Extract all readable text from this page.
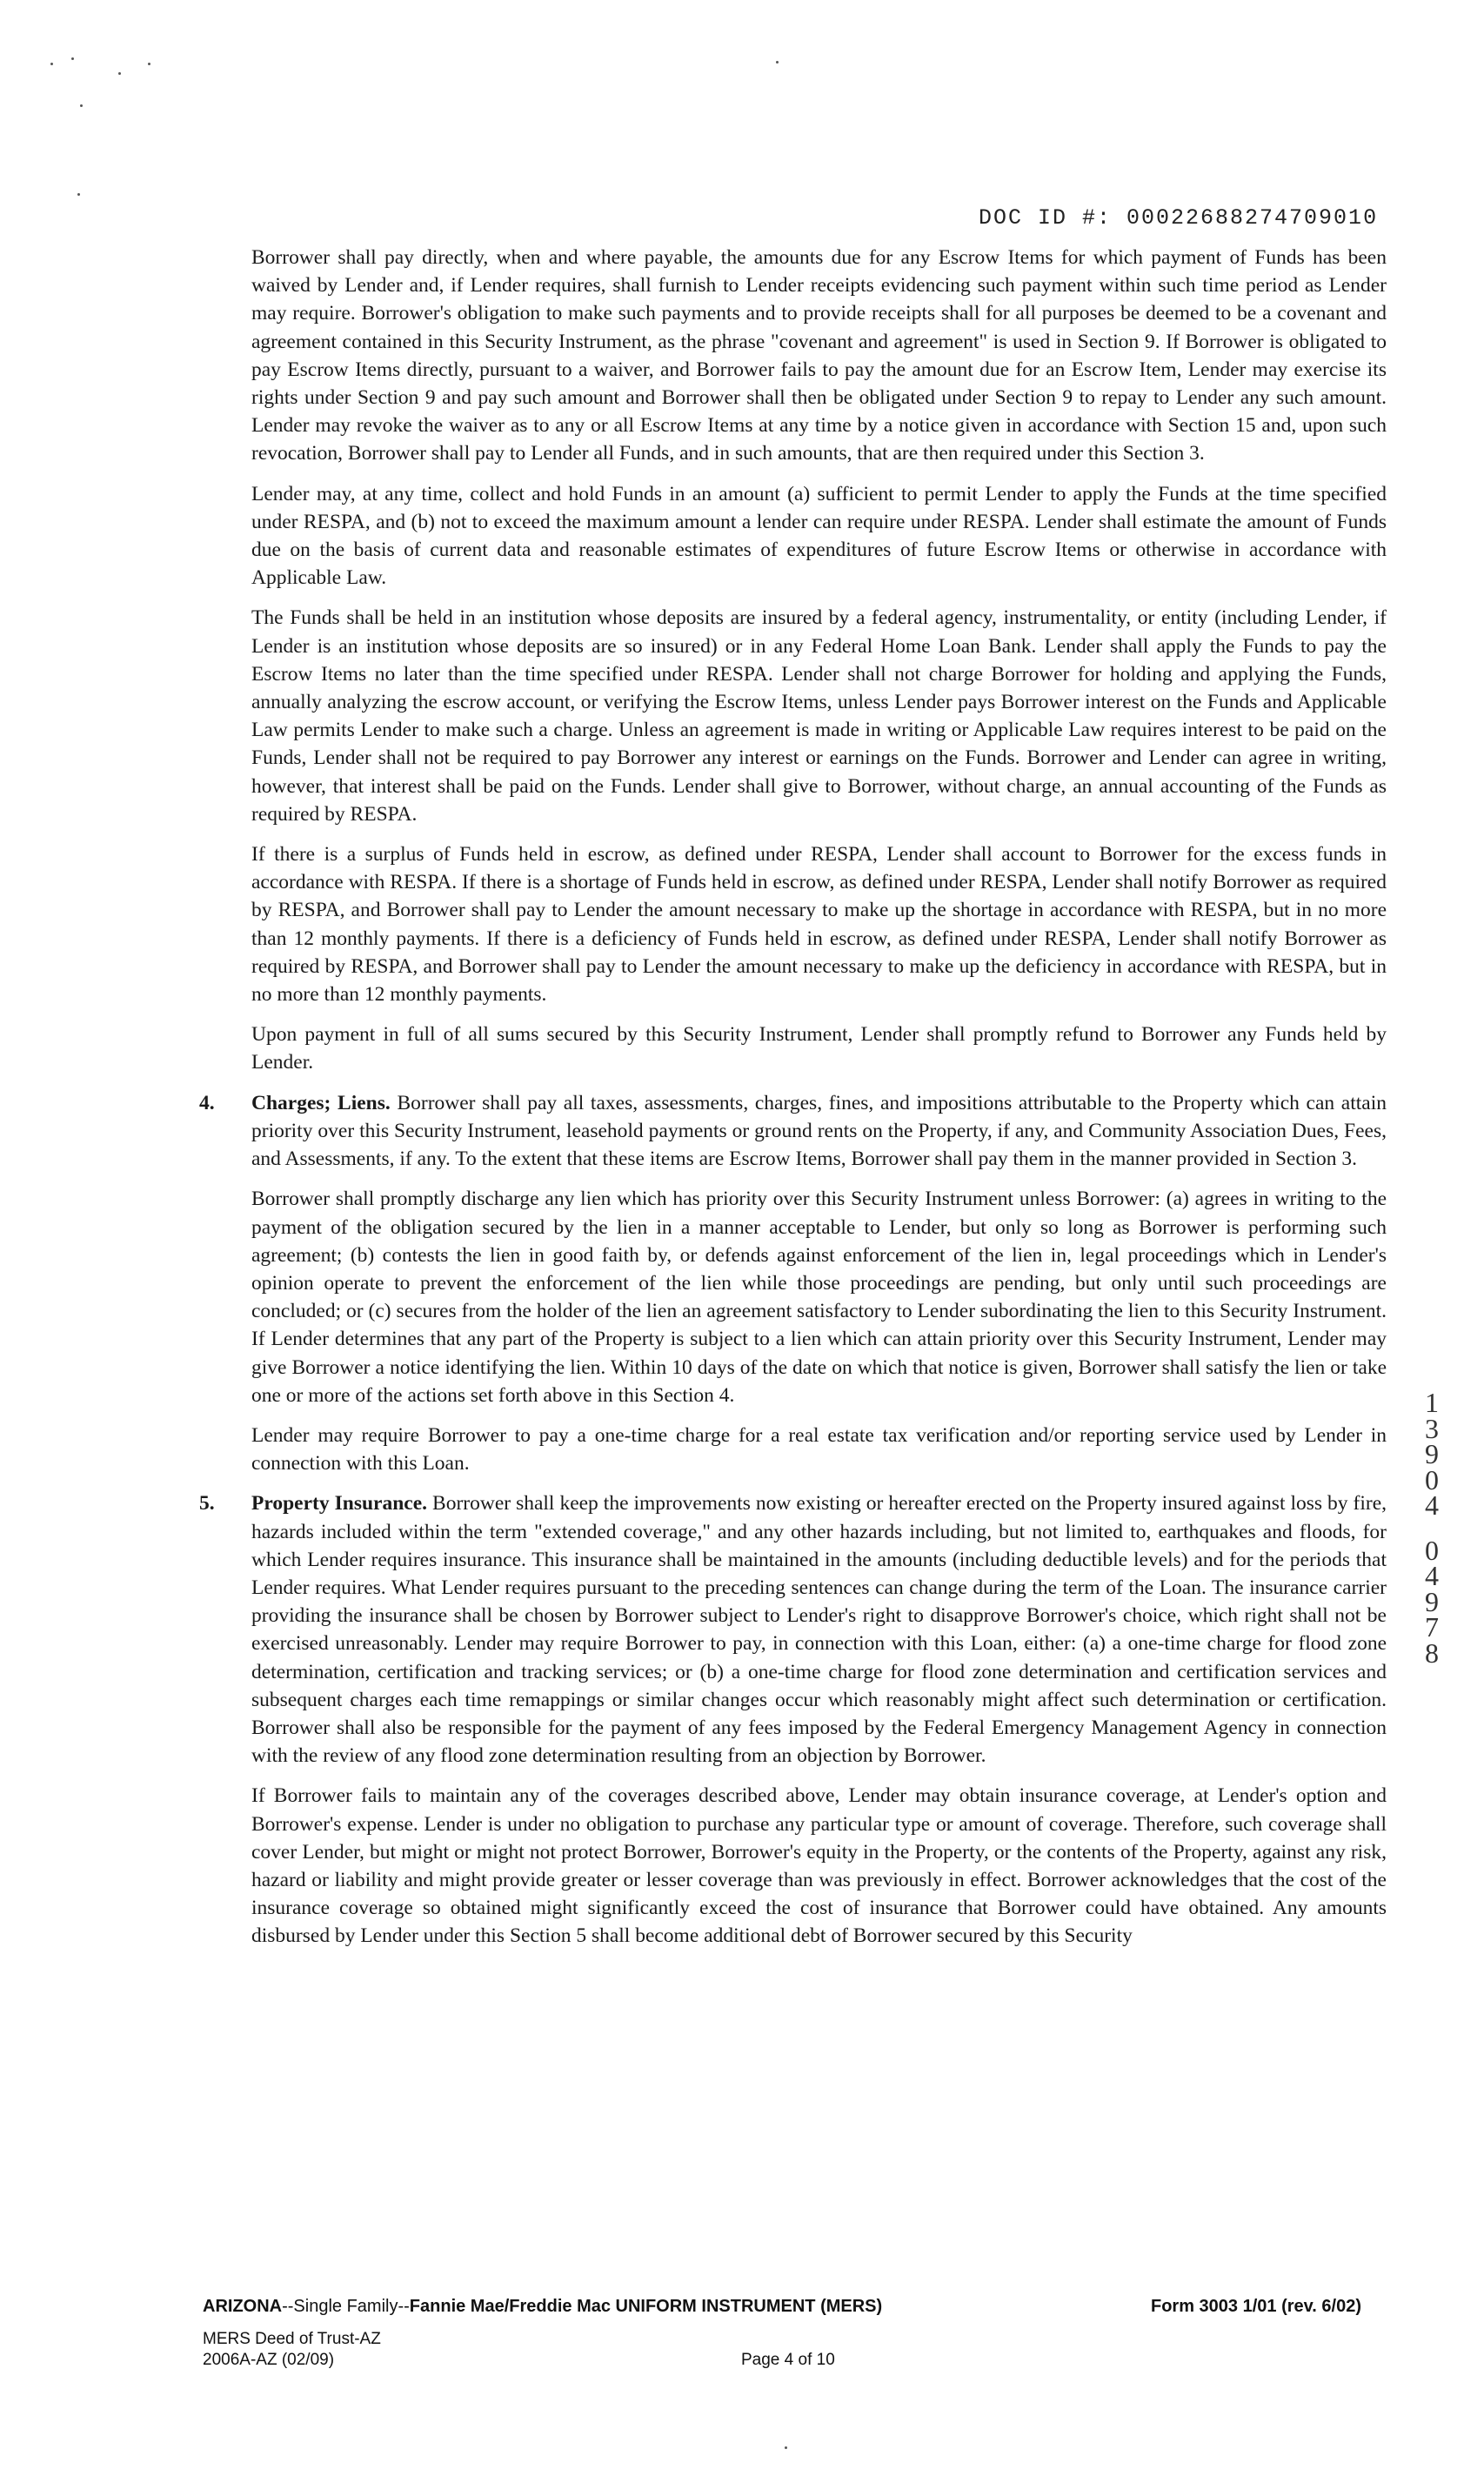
DOC ID #: 00022688274709010

Borrower shall pay directly, when and where payable, the amounts due for any Escrow Items for which payment of Funds has been waived by Lender and, if Lender requires, shall furnish to Lender receipts evidencing such payment within such time period as Lender may require. Borrower's obligation to make such payments and to provide receipts shall for all purposes be deemed to be a covenant and agreement contained in this Security Instrument, as the phrase "covenant and agreement" is used in Section 9. If Borrower is obligated to pay Escrow Items directly, pursuant to a waiver, and Borrower fails to pay the amount due for an Escrow Item, Lender may exercise its rights under Section 9 and pay such amount and Borrower shall then be obligated under Section 9 to repay to Lender any such amount. Lender may revoke the waiver as to any or all Escrow Items at any time by a notice given in accordance with Section 15 and, upon such revocation, Borrower shall pay to Lender all Funds, and in such amounts, that are then required under this Section 3.

Lender may, at any time, collect and hold Funds in an amount (a) sufficient to permit Lender to apply the Funds at the time specified under RESPA, and (b) not to exceed the maximum amount a lender can require under RESPA. Lender shall estimate the amount of Funds due on the basis of current data and reasonable estimates of expenditures of future Escrow Items or otherwise in accordance with Applicable Law.

The Funds shall be held in an institution whose deposits are insured by a federal agency, instrumentality, or entity (including Lender, if Lender is an institution whose deposits are so insured) or in any Federal Home Loan Bank. Lender shall apply the Funds to pay the Escrow Items no later than the time specified under RESPA. Lender shall not charge Borrower for holding and applying the Funds, annually analyzing the escrow account, or verifying the Escrow Items, unless Lender pays Borrower interest on the Funds and Applicable Law permits Lender to make such a charge. Unless an agreement is made in writing or Applicable Law requires interest to be paid on the Funds, Lender shall not be required to pay Borrower any interest or earnings on the Funds. Borrower and Lender can agree in writing, however, that interest shall be paid on the Funds. Lender shall give to Borrower, without charge, an annual accounting of the Funds as required by RESPA.

If there is a surplus of Funds held in escrow, as defined under RESPA, Lender shall account to Borrower for the excess funds in accordance with RESPA. If there is a shortage of Funds held in escrow, as defined under RESPA, Lender shall notify Borrower as required by RESPA, and Borrower shall pay to Lender the amount necessary to make up the shortage in accordance with RESPA, but in no more than 12 monthly payments. If there is a deficiency of Funds held in escrow, as defined under RESPA, Lender shall notify Borrower as required by RESPA, and Borrower shall pay to Lender the amount necessary to make up the deficiency in accordance with RESPA, but in no more than 12 monthly payments.

Upon payment in full of all sums secured by this Security Instrument, Lender shall promptly refund to Borrower any Funds held by Lender.

4. Charges; Liens. Borrower shall pay all taxes, assessments, charges, fines, and impositions attributable to the Property which can attain priority over this Security Instrument, leasehold payments or ground rents on the Property, if any, and Community Association Dues, Fees, and Assessments, if any. To the extent that these items are Escrow Items, Borrower shall pay them in the manner provided in Section 3.

Borrower shall promptly discharge any lien which has priority over this Security Instrument unless Borrower: (a) agrees in writing to the payment of the obligation secured by the lien in a manner acceptable to Lender, but only so long as Borrower is performing such agreement; (b) contests the lien in good faith by, or defends against enforcement of the lien in, legal proceedings which in Lender's opinion operate to prevent the enforcement of the lien while those proceedings are pending, but only until such proceedings are concluded; or (c) secures from the holder of the lien an agreement satisfactory to Lender subordinating the lien to this Security Instrument. If Lender determines that any part of the Property is subject to a lien which can attain priority over this Security Instrument, Lender may give Borrower a notice identifying the lien. Within 10 days of the date on which that notice is given, Borrower shall satisfy the lien or take one or more of the actions set forth above in this Section 4.

Lender may require Borrower to pay a one-time charge for a real estate tax verification and/or reporting service used by Lender in connection with this Loan.

5. Property Insurance. Borrower shall keep the improvements now existing or hereafter erected on the Property insured against loss by fire, hazards included within the term "extended coverage," and any other hazards including, but not limited to, earthquakes and floods, for which Lender requires insurance. This insurance shall be maintained in the amounts (including deductible levels) and for the periods that Lender requires. What Lender requires pursuant to the preceding sentences can change during the term of the Loan. The insurance carrier providing the insurance shall be chosen by Borrower subject to Lender's right to disapprove Borrower's choice, which right shall not be exercised unreasonably. Lender may require Borrower to pay, in connection with this Loan, either: (a) a one-time charge for flood zone determination, certification and tracking services; or (b) a one-time charge for flood zone determination and certification services and subsequent charges each time remappings or similar changes occur which reasonably might affect such determination or certification. Borrower shall also be responsible for the payment of any fees imposed by the Federal Emergency Management Agency in connection with the review of any flood zone determination resulting from an objection by Borrower.

If Borrower fails to maintain any of the coverages described above, Lender may obtain insurance coverage, at Lender's option and Borrower's expense. Lender is under no obligation to purchase any particular type or amount of coverage. Therefore, such coverage shall cover Lender, but might or might not protect Borrower, Borrower's equity in the Property, or the contents of the Property, against any risk, hazard or liability and might provide greater or lesser coverage than was previously in effect. Borrower acknowledges that the cost of the insurance coverage so obtained might significantly exceed the cost of insurance that Borrower could have obtained. Any amounts disbursed by Lender under this Section 5 shall become additional debt of Borrower secured by this Security

1
3
9
0
4
0
4
9
7
8
ARIZONA--Single Family--Fannie Mae/Freddie Mac UNIFORM INSTRUMENT (MERS)	Form 3003 1/01 (rev. 6/02)
MERS Deed of Trust-AZ
2006A-AZ (02/09)	Page 4 of 10
